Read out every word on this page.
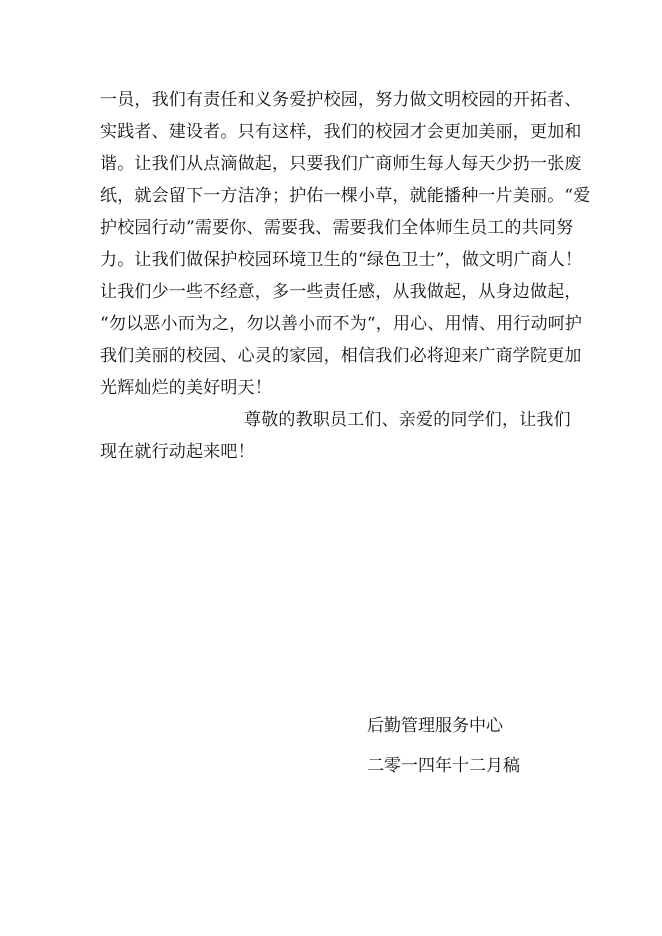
一员，我们有责任和义务爱护校园，努力做文明校园的开拓者、
实践者、建设者。只有这样，我们的校园才会更加美丽，更加和
谐。让我们从点滴做起，只要我们广商师生每人每天少扔一张废
纸，就会留下一方洁净；护佑一棵小草，就能播种一片美丽。“爱
护校园行动”需要你、需要我、需要我们全体师生员工的共同努
力。让我们做保护校园环境卫生的“绿色卫士”，做文明广商人！
让我们少一些不经意，多一些责任感，从我做起，从身边做起，
“勿以恶小而为之，勿以善小而不为“，用心、用情、用行动呵护
我们美丽的校园、心灵的家园，相信我们必将迎来广商学院更加
光辉灿烂的美好明天！
尊敬的教职员工们、亲爱的同学们，让我们
现在就行动起来吧！
后勤管理服务中心
二零一四年十二月稿
